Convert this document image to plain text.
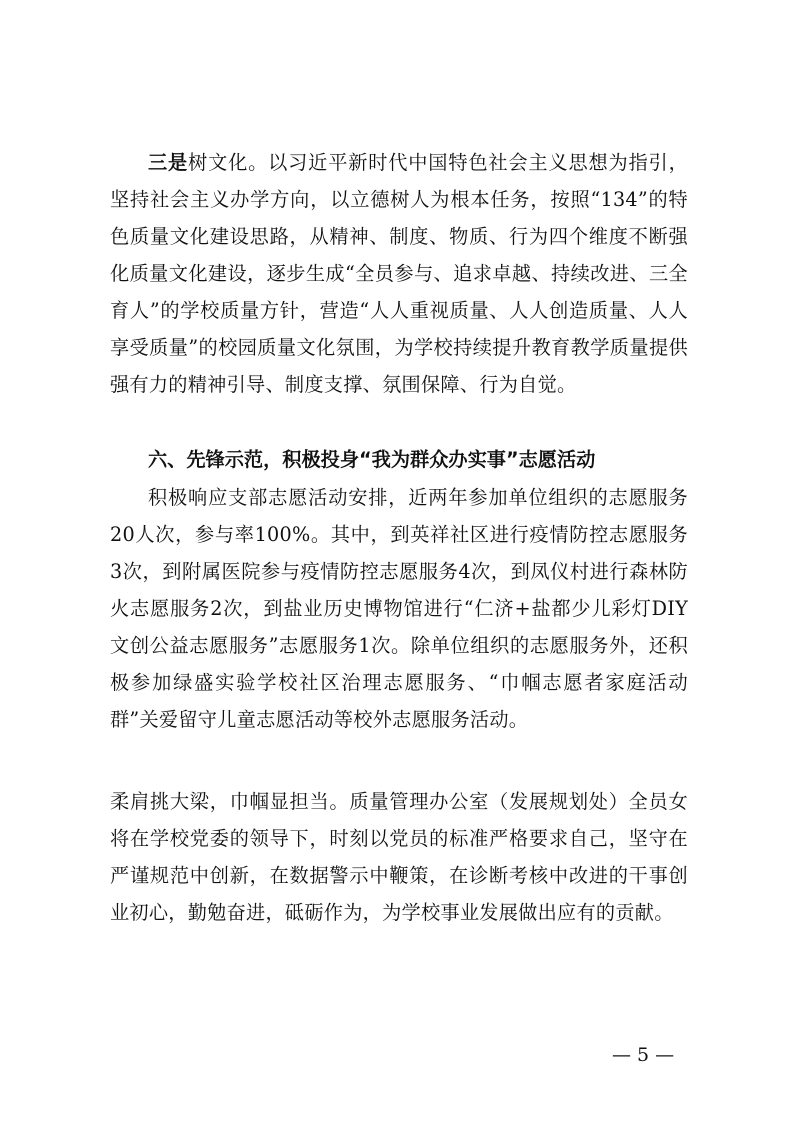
三是树文化。以习近平新时代中国特色社会主义思想为指引，坚持社会主义办学方向，以立德树人为根本任务，按照“134”的特色质量文化建设思路，从精神、制度、物质、行为四个维度不断强化质量文化建设，逐步生成“全员参与、追求卓越、持续改进、三全育人”的学校质量方针，营造“人人重视质量、人人创造质量、人人享受质量”的校园质量文化氛围，为学校持续提升教育教学质量提供强有力的精神引导、制度支撑、氛围保障、行为自觉。

六、先锋示范，积极投身“我为群众办实事”志愿活动

积极响应支部志愿活动安排，近两年参加单位组织的志愿服务20人次，参与率100%。其中，到英祥社区进行疫情防控志愿服务3次，到附属医院参与疫情防控志愿服务4次，到凤仪村进行森林防火志愿服务2次，到盐业历史博物馆进行“仁济+盐都少儿彩灯DIY文创公益志愿服务”志愿服务1次。除单位组织的志愿服务外，还积极参加绿盛实验学校社区治理志愿服务、“巾帼志愿者家庭活动群”关爱留守儿童志愿活动等校外志愿服务活动。

柔肩挑大梁，巾帼显担当。质量管理办公室（发展规划处）全员女将在学校党委的领导下，时刻以党员的标准严格要求自己，坚守在严谨规范中创新，在数据警示中鞭策，在诊断考核中改进的干事创业初心，勤勉奋进，砥砺作为，为学校事业发展做出应有的贡献。

— 5 —
